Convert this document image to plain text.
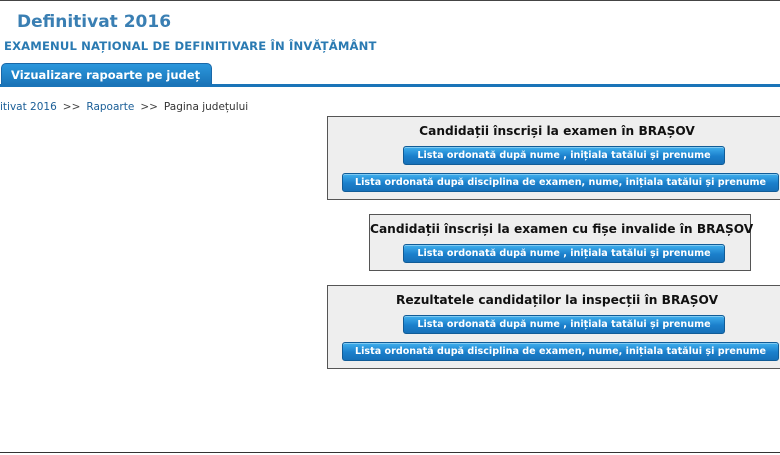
Definitivat 2016
EXAMENUL NAȚIONAL DE DEFINITIVARE ÎN ÎNVĂȚĂMÂNT
Vizualizare rapoarte pe județ
itivat 2016 >> Rapoarte >> Pagina județului
Candidații înscriși la examen în BRAȘOV
Lista ordonată după nume , inițiala tatălui și prenume
Lista ordonată după disciplina de examen, nume, inițiala tatălui și prenume
Candidații înscriși la examen cu fișe invalide în BRAȘOV
Lista ordonată după nume , inițiala tatălui și prenume
Rezultatele candidaților la inspecții în BRAȘOV
Lista ordonată după nume , inițiala tatălui și prenume
Lista ordonată după disciplina de examen, nume, inițiala tatălui și prenume
